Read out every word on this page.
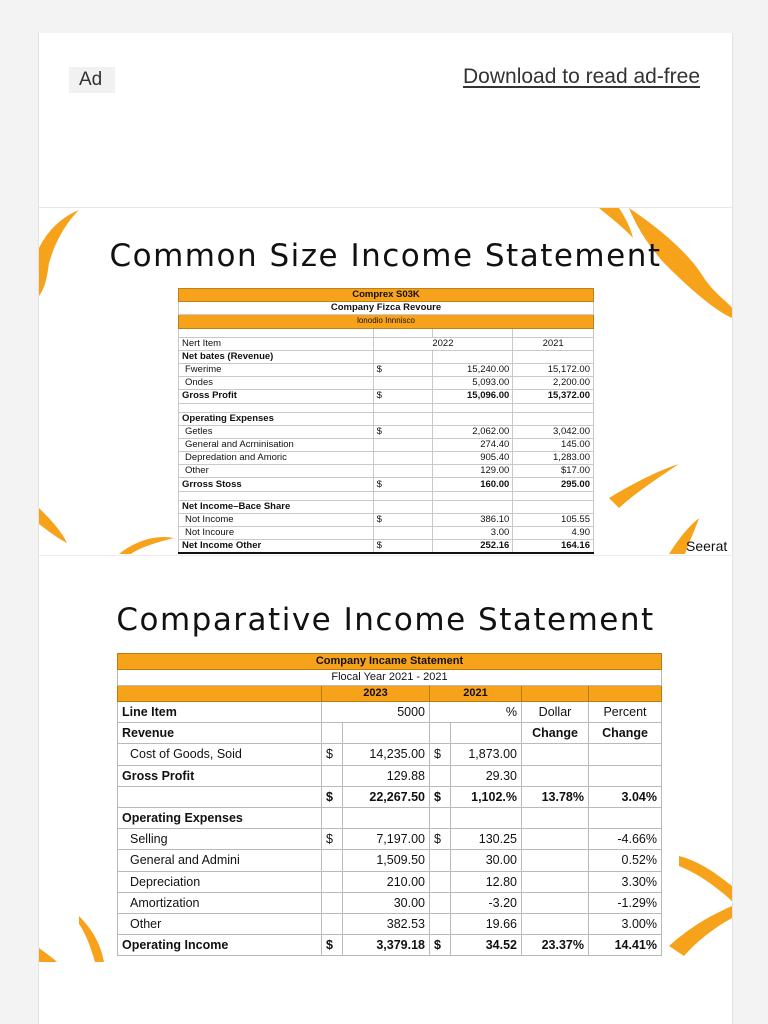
Ad	Download to read ad-free
Common Size Income Statement
Comprex S03K			
Company Fizca Revoure			
lonodio Innnisco			

Nert Item	2022		2021
Net bates (Revenue)			
Fwerime	$	15,240.00	15,172.00
Ondes		5,093.00	2,200.00
Gross Profit	$	15,096.00	15,372.00

Operating Expenses			
Getles	$	2,062.00	3,042.00
General and Acrninisation		274.40	145.00
Depredation and Amoric		905.40	1,283.00
Other		129.00	$17.00
Grross Stoss	$	160.00	295.00

Net Income–Bace Share			
Not Income	$	386.10	105.55
Not Incoure		3.00	4.90
Net Income Other	$	252.16	164.16	Seerat
Comparative Income Statement
Company Incame Statement						
Flocal Year 2021 - 2021						
	2023		2021			
Line Item	5000		%		Dollar	Percent
Revenue					Change	Change
Cost of Goods, Soid	$	14,235.00	$	1,873.00		
Gross Profit		129.88		29.30		
	$	22,267.50	$	1,102.%	13.78%	3.04%
Operating Expenses						
Selling	$	7,197.00	$	130.25		-4.66%
General and Admini		1,509.50		30.00		0.52%
Depreciation		210.00		12.80		3.30%
Amortization		30.00		-3.20		-1.29%
Other		382.53		19.66		3.00%
Operating Income	$	3,379.18	$	34.52	23.37%	14.41%
